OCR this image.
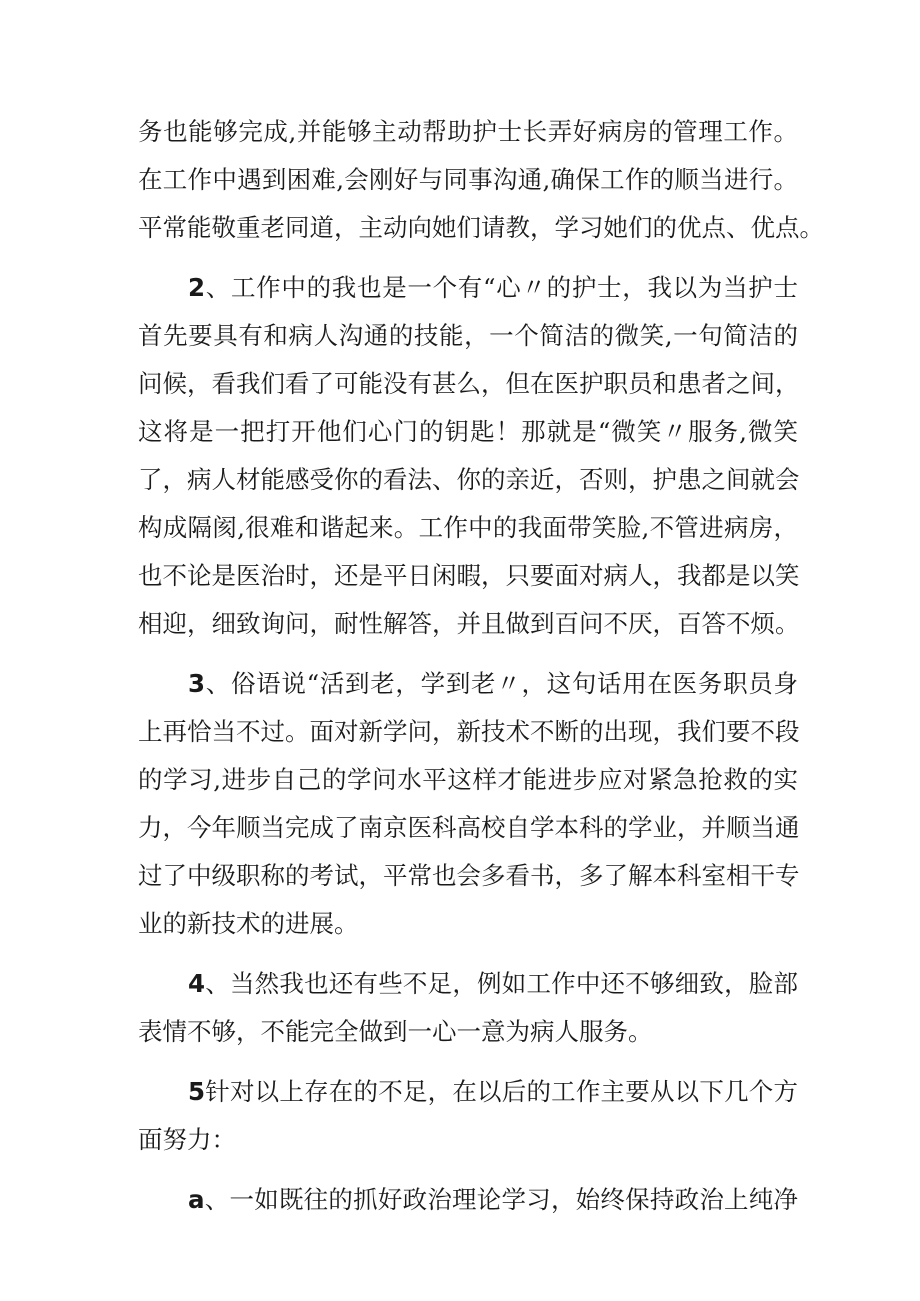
务也能够完成,并能够主动帮助护士长弄好病房的管理工作。
在工作中遇到困难,会刚好与同事沟通,确保工作的顺当进行。
平常能敬重老同道，主动向她们请教，学习她们的优点、优点。
2、工作中的我也是一个有“心〃的护士，我以为当护士
首先要具有和病人沟通的技能，一个简洁的微笑,一句简洁的
问候，看我们看了可能没有甚么，但在医护职员和患者之间，
这将是一把打开他们心门的钥匙！那就是“微笑〃服务,微笑
了，病人材能感受你的看法、你的亲近，否则，护患之间就会
构成隔阂,很难和谐起来。工作中的我面带笑脸,不管进病房，
也不论是医治时，还是平日闲暇，只要面对病人，我都是以笑
相迎，细致询问，耐性解答，并且做到百问不厌，百答不烦。
3、俗语说“活到老，学到老〃，这句话用在医务职员身
上再恰当不过。面对新学问，新技术不断的出现，我们要不段
的学习,进步自己的学问水平这样才能进步应对紧急抢救的实
力，今年顺当完成了南京医科高校自学本科的学业，并顺当通
过了中级职称的考试，平常也会多看书，多了解本科室相干专
业的新技术的进展。
4、当然我也还有些不足，例如工作中还不够细致，脸部
表情不够，不能完全做到一心一意为病人服务。
5针对以上存在的不足，在以后的工作主要从以下几个方
面努力：
a、一如既往的抓好政治理论学习，始终保持政治上纯净
